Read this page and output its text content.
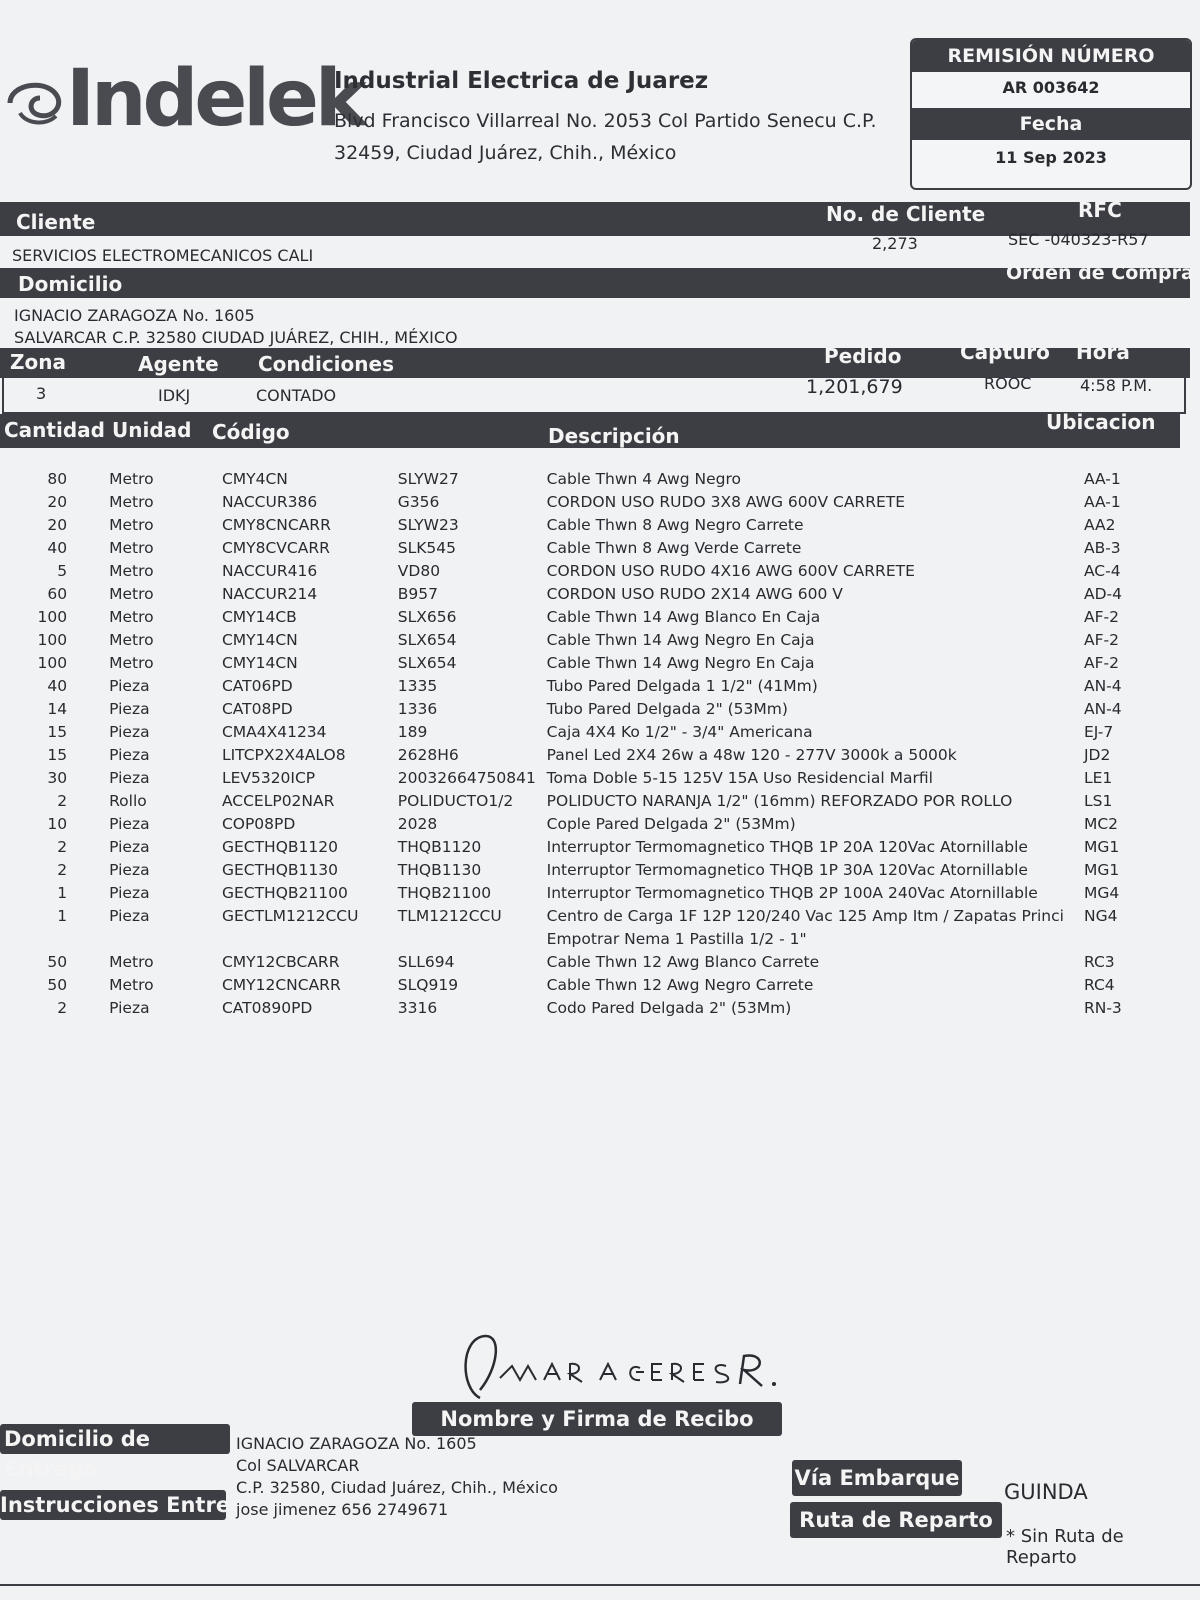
Indelek
Industrial Electrica de Juarez
Blvd Francisco Villarreal No. 2053 Col Partido Senecu C.P.
32459, Ciudad Juárez, Chih., México
REMISIÓN NÚMERO
AR 003642
Fecha
11 Sep 2023
Cliente	No. de Cliente	RFC
SERVICIOS ELECTROMECANICOS CALI
2,273	SEC -040323-R57
Domicilio	Orden de Compra
IGNACIO ZARAGOZA No. 1605
SALVARCAR C.P. 32580 CIUDAD JUÁREZ, CHIH., MÉXICO
Zona	Agente Condiciones	Pedido	Capturo Hora
3	IDKJ	CONTADO	1,201,679	ROOC	4:58 P.M.
Cantidad Unidad Código	Descripción
Ubicacion
80	Metro	CMY4CN	SLYW27	Cable Thwn 4 Awg Negro	AA-1
20	Metro	NACCUR386	G356	CORDON USO RUDO 3X8 AWG 600V CARRETE	AA-1
20	Metro	CMY8CNCARR	SLYW23	Cable Thwn 8 Awg Negro Carrete	AA2
40	Metro	CMY8CVCARR	SLK545	Cable Thwn 8 Awg Verde Carrete	AB-3
5	Metro	NACCUR416	VD80	CORDON USO RUDO 4X16 AWG 600V CARRETE	AC-4
60	Metro	NACCUR214	B957	CORDON USO RUDO 2X14 AWG 600 V	AD-4
100	Metro	CMY14CB	SLX656	Cable Thwn 14 Awg Blanco En Caja	AF-2
100	Metro	CMY14CN	SLX654	Cable Thwn 14 Awg Negro En Caja	AF-2
100	Metro	CMY14CN	SLX654	Cable Thwn 14 Awg Negro En Caja	AF-2
40	Pieza	CAT06PD	1335	Tubo Pared Delgada 1 1/2" (41Mm)	AN-4
14	Pieza	CAT08PD	1336	Tubo Pared Delgada 2" (53Mm)	AN-4
15	Pieza	CMA4X41234	189	Caja 4X4 Ko 1/2" - 3/4" Americana	EJ-7
15	Pieza	LITCPX2X4ALO8	2628H6	Panel Led 2X4 26w a 48w 120 - 277V 3000k a 5000k	JD2
30	Pieza	LEV5320ICP	20032664750841	Toma Doble 5-15 125V 15A Uso Residencial Marfil	LE1
2	Rollo	ACCELP02NAR	POLIDUCTO1/2	POLIDUCTO NARANJA 1/2" (16mm) REFORZADO POR ROLLO	LS1
10	Pieza	COP08PD	2028	Cople Pared Delgada 2" (53Mm)	MC2
2	Pieza	GECTHQB1120	THQB1120	Interruptor Termomagnetico THQB 1P 20A 120Vac Atornillable	MG1
2	Pieza	GECTHQB1130	THQB1130	Interruptor Termomagnetico THQB 1P 30A 120Vac Atornillable	MG1
1	Pieza	GECTHQB21100	THQB21100	Interruptor Termomagnetico THQB 2P 100A 240Vac Atornillable	MG4
1	Pieza	GECTLM1212CCU	TLM1212CCU	Centro de Carga 1F 12P 120/240 Vac 125 Amp Itm / Zapatas Princi	NG4
				Empotrar Nema 1 Pastilla 1/2 - 1"	
50	Metro	CMY12CBCARR	SLL694	Cable Thwn 12 Awg Blanco Carrete	RC3
50	Metro	CMY12CNCARR	SLQ919	Cable Thwn 12 Awg Negro Carrete	RC4
2	Pieza	CAT0890PD	3316	Codo Pared Delgada 2" (53Mm)	RN-3
Nombre y Firma de Recibo
Domicilio de Entrega
IGNACIO ZARAGOZA No. 1605
Col SALVARCAR
C.P. 32580, Ciudad Juárez, Chih., México
Instrucciones Entrega
jose jimenez 656 2749671
Vía Embarque
GUINDA
Ruta de Reparto
* Sin Ruta de Reparto
